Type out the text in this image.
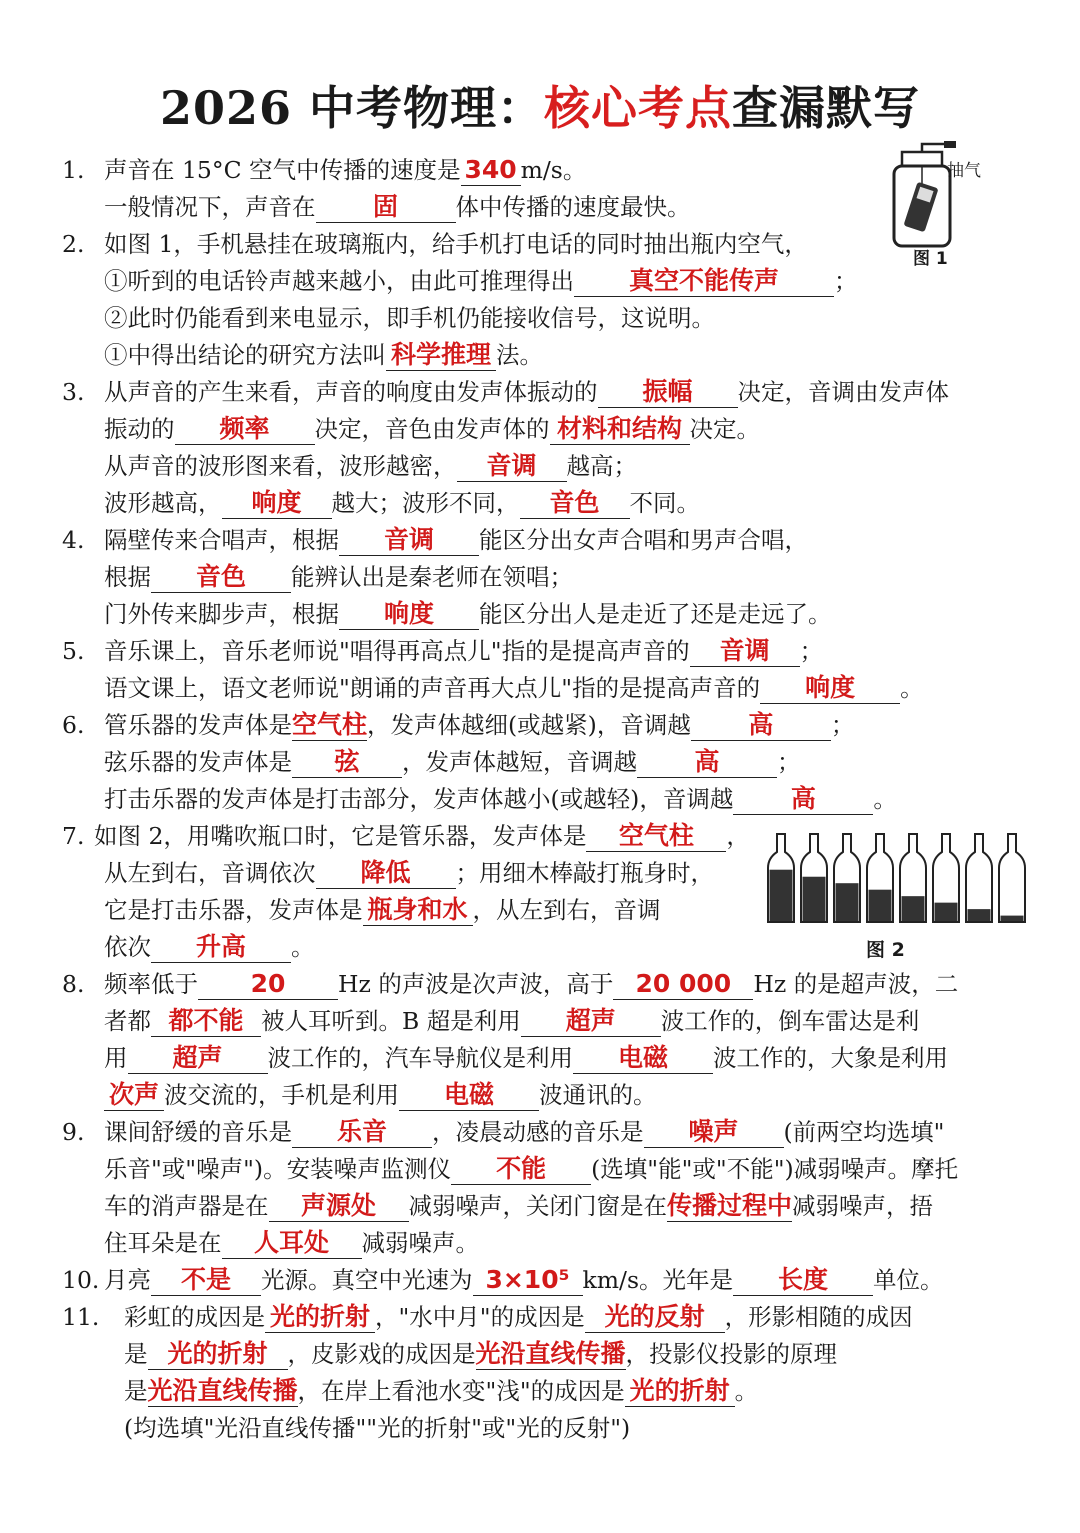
2026 中考物理：核心考点查漏默写
抽气
图 1
图 2
1. 声音在 15°C 空气中传播的速度是 340 m/s。
一般情况下，声音在 固 体中传播的速度最快。
2. 如图 1，手机悬挂在玻璃瓶内，给手机打电话的同时抽出瓶内空气，
①听到的电话铃声越来越小，由此可推理得出 真空不能传声 ；
②此时仍能看到来电显示，即手机仍能接收信号，这说明。
①中得出结论的研究方法叫 科学推理 法。
3. 从声音的产生来看，声音的响度由发声体振动的 振幅 决定，音调由发声体
振动的 频率 决定，音色由发声体的 材料和结构 决定。
从声音的波形图来看，波形越密， 音调 越高；
波形越高， 响度 越大；波形不同， 音色 不同。
4. 隔壁传来合唱声，根据 音调 能区分出女声合唱和男声合唱，
根据 音色 能辨认出是秦老师在领唱；
门外传来脚步声，根据 响度 能区分出人是走近了还是走远了。
5. 音乐课上，音乐老师说"唱得再高点儿"指的是提高声音的 音调 ；
语文课上，语文老师说"朗诵的声音再大点儿"指的是提高声音的 响度 。
6. 管乐器的发声体是空气柱，发声体越细(或越紧)，音调越 高 ；
弦乐器的发声体是 弦 ，发声体越短，音调越 高 ；
打击乐器的发声体是打击部分，发声体越小(或越轻)，音调越 高 。
7. 如图 2，用嘴吹瓶口时，它是管乐器，发声体是 空气柱 ，
从左到右，音调依次 降低 ；用细木棒敲打瓶身时，
它是打击乐器，发声体是 瓶身和水 ，从左到右，音调
依次 升高 。
8. 频率低于 20 Hz 的声波是次声波，高于 20 000 Hz 的是超声波，二
者都 都不能 被人耳听到。B 超是利用 超声 波工作的，倒车雷达是利
用 超声 波工作的，汽车导航仪是利用 电磁 波工作的，大象是利用
次声 波交流的，手机是利用 电磁 波通讯的。
9. 课间舒缓的音乐是 乐音 ，凌晨动感的音乐是 噪声 (前两空均选填"
乐音"或"噪声")。安装噪声监测仪 不能 (选填"能"或"不能")减弱噪声。摩托
车的消声器是在 声源处 减弱噪声，关闭门窗是在传播过程中减弱噪声，捂
住耳朵是在 人耳处 减弱噪声。
10. 月亮 不是 光源。真空中光速为 3×10⁵ km/s。光年是 长度 单位。
11. 彩虹的成因是 光的折射 ，"水中月"的成因是 光的反射 ，形影相随的成因
是 光的折射 ，皮影戏的成因是光沿直线传播，投影仪投影的原理
是光沿直线传播，在岸上看池水变"浅"的成因是 光的折射 。
(均选填"光沿直线传播""光的折射"或"光的反射")
